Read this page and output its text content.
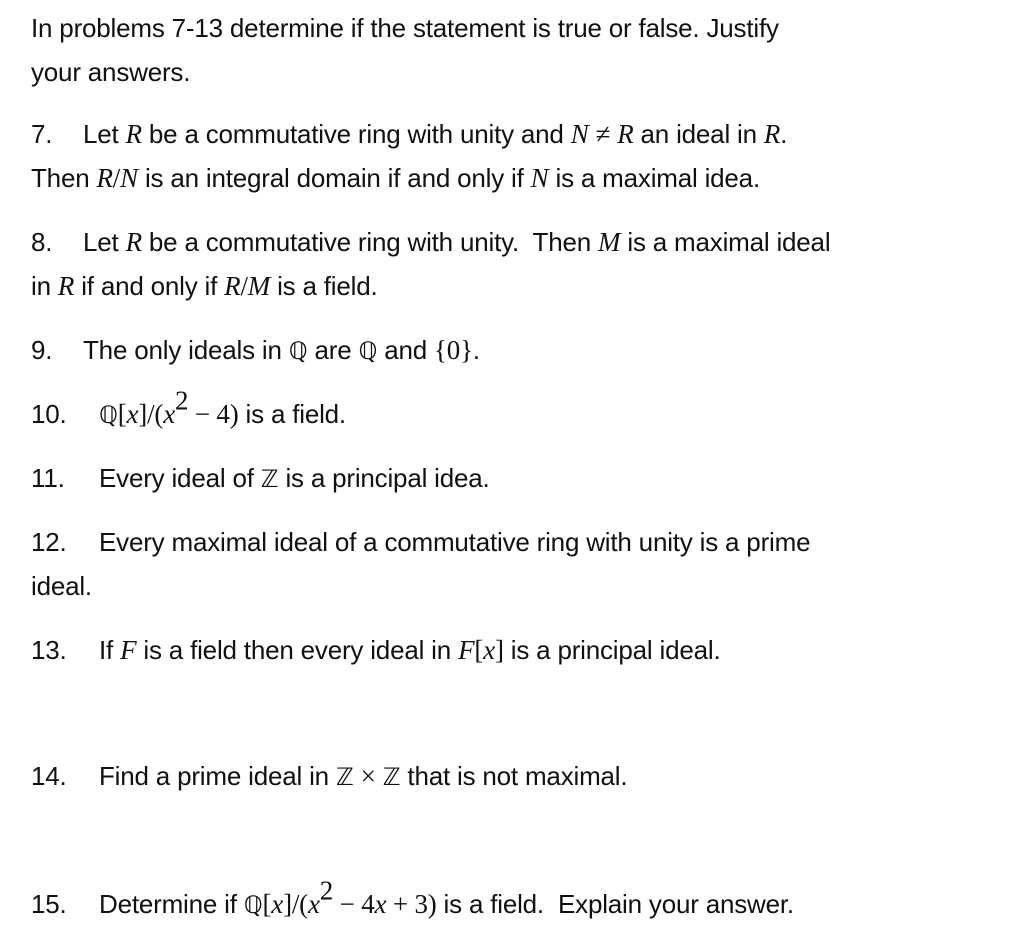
In problems 7-13 determine if the statement is true or false. Justify
your answers.
7. Let R be a commutative ring with unity and N ≠ R an ideal in R.
Then R/N is an integral domain if and only if N is a maximal idea.
8. Let R be a commutative ring with unity.  Then M is a maximal ideal
in R if and only if R/M is a field.
9. The only ideals in ℚ are ℚ and {0}.
10. $ℚ[x]/(x^2 - 4)$ is a field.
11. Every ideal of ℤ is a principal idea.
12. Every maximal ideal of a commutative ring with unity is a prime
ideal.
13. If F is a field then every ideal in F[x] is a principal ideal.
14. Find a prime ideal in ℤ × ℤ that is not maximal.
15. Determine if $ℚ[x]/(x^2 - 4x + 3)$ is a field.  Explain your answer.
